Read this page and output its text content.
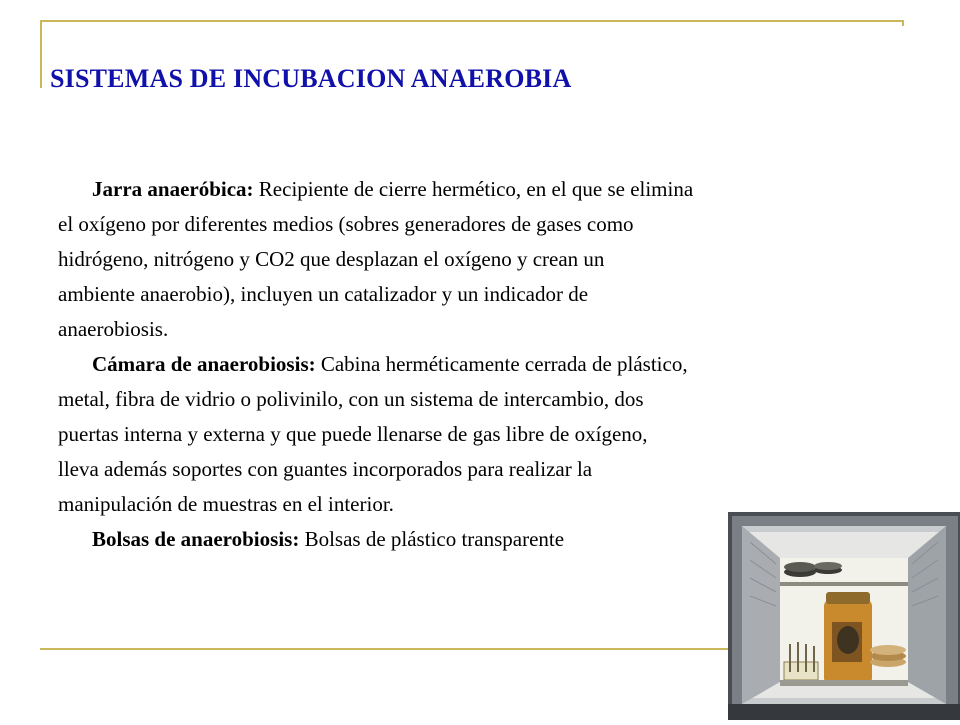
SISTEMAS DE INCUBACION ANAEROBIA
Jarra anaeróbica: Recipiente de cierre hermético, en el que se elimina
el oxígeno por diferentes medios (sobres generadores de gases como
hidrógeno, nitrógeno y CO2 que desplazan el oxígeno y crean un
ambiente anaerobio), incluyen un catalizador y un indicador de
anaerobiosis.
Cámara de anaerobiosis: Cabina herméticamente cerrada de plástico,
metal, fibra de vidrio o polivinilo, con un sistema de intercambio, dos
puertas interna y externa y que puede llenarse de gas libre de oxígeno,
lleva además soportes con guantes incorporados para realizar la
manipulación de muestras en el interior.
Bolsas de anaerobiosis: Bolsas de plástico transparente
